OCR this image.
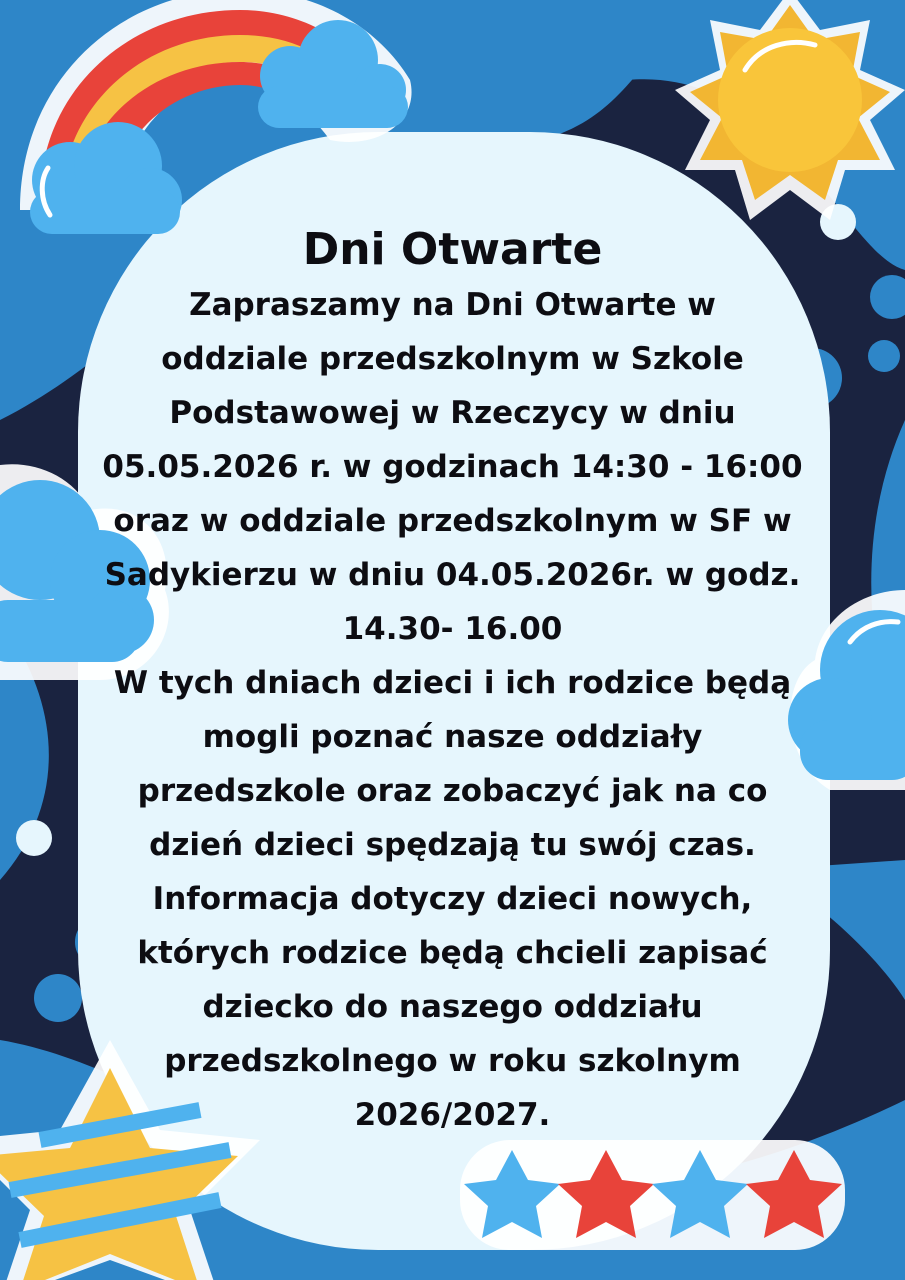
Dni Otwarte
Zapraszamy na Dni Otwarte w
oddziale przedszkolnym w Szkole
Podstawowej w Rzeczycy w dniu
05.05.2026 r. w godzinach 14:30 - 16:00
oraz w oddziale przedszkolnym w SF w
Sadykierzu w dniu 04.05.2026r. w godz.
14.30- 16.00
W tych dniach dzieci i ich rodzice będą
mogli poznać nasze oddziały
przedszkole oraz zobaczyć jak na co
dzień dzieci spędzają tu swój czas.
Informacja dotyczy dzieci nowych,
których rodzice będą chcieli zapisać
dziecko do naszego oddziału
przedszkolnego w roku szkolnym
2026/2027.
